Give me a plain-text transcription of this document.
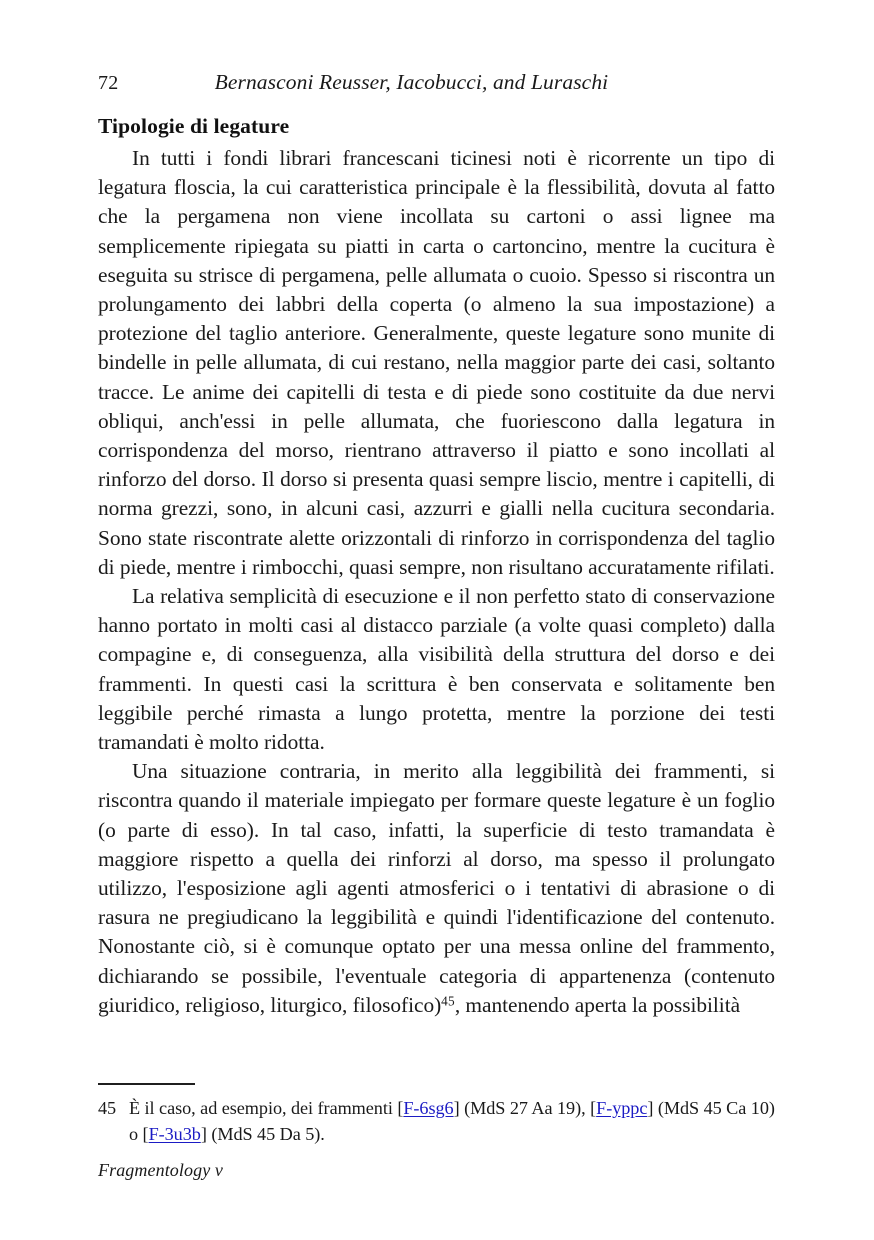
72	Bernasconi Reusser, Iacobucci, and Luraschi
Tipologie di legature

In tutti i fondi librari francescani ticinesi noti è ricorrente un tipo di legatura floscia, la cui caratteristica principale è la flessibilità, dovuta al fatto che la pergamena non viene incollata su cartoni o assi lignee ma semplicemente ripiegata su piatti in carta o cartoncino, mentre la cucitura è eseguita su strisce di pergamena, pelle allumata o cuoio. Spesso si riscontra un prolungamento dei labbri della coperta (o almeno la sua impostazione) a protezione del taglio anteriore. Generalmente, queste legature sono munite di bindelle in pelle allumata, di cui restano, nella maggior parte dei casi, soltanto tracce. Le anime dei capitelli di testa e di piede sono costituite da due nervi obliqui, anch'essi in pelle allumata, che fuoriescono dalla legatura in corrispondenza del morso, rientrano attraverso il piatto e sono incollati al rinforzo del dorso. Il dorso si presenta quasi sempre liscio, mentre i capitelli, di norma grezzi, sono, in alcuni casi, azzurri e gialli nella cucitura secondaria. Sono state riscontrate alette orizzontali di rinforzo in corrispondenza del taglio di piede, mentre i rimbocchi, quasi sempre, non risultano accuratamente rifilati.

La relativa semplicità di esecuzione e il non perfetto stato di conservazione hanno portato in molti casi al distacco parziale (a volte quasi completo) dalla compagine e, di conseguenza, alla visibilità della struttura del dorso e dei frammenti. In questi casi la scrittura è ben conservata e solitamente ben leggibile perché rimasta a lungo protetta, mentre la porzione dei testi tramandati è molto ridotta.

Una situazione contraria, in merito alla leggibilità dei frammenti, si riscontra quando il materiale impiegato per formare queste legature è un foglio (o parte di esso). In tal caso, infatti, la superficie di testo tramandata è maggiore rispetto a quella dei rinforzi al dorso, ma spesso il prolungato utilizzo, l'esposizione agli agenti atmosferici o i tentativi di abrasione o di rasura ne pregiudicano la leggibilità e quindi l'identificazione del contenuto. Nonostante ciò, si è comunque optato per una messa online del frammento, dichiarando se possibile, l'eventuale categoria di appartenenza (contenuto giuridico, religioso, liturgico, filosofico)$^{45}$, mantenendo aperta la possibilità

45 È il caso, ad esempio, dei frammenti [F-6sg6] (MdS 27 Aa 19), [F-yppc] (MdS 45 Ca 10) o [F-3u3b] (MdS 45 Da 5).
Fragmentology v
